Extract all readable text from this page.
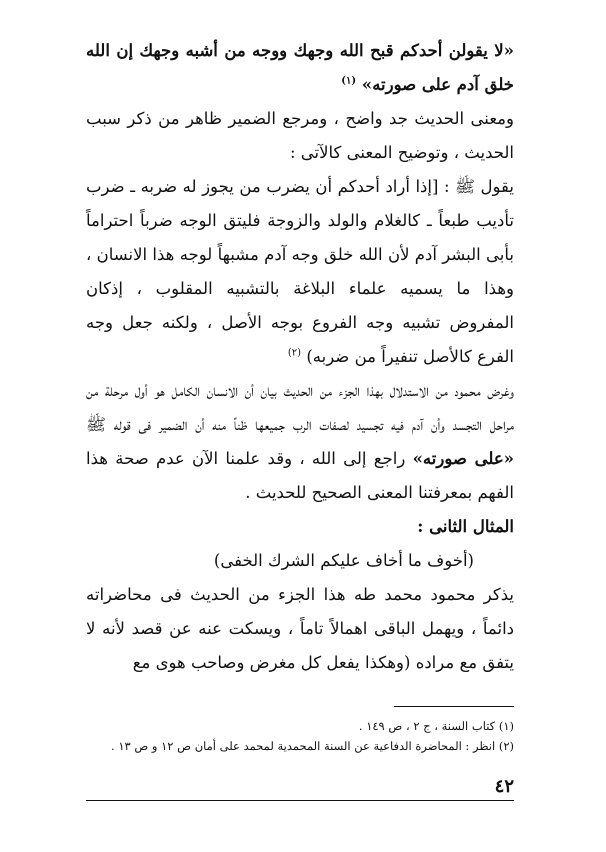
«لا يقولن أحدكم قبح الله وجهك ووجه من أشبه وجهك إن الله خلق آدم على صورته» $^{(١)}$

ومعنى الحديث جد واضح ، ومرجع الضمير ظاهر من ذكر سبب الحديث ، وتوضيح المعنى كالآتى :

يقول ﷺ : [إذا أراد أحدكم أن يضرب من يجوز له ضربه ـ ضرب تأديب طبعاً ـ كالغلام والولد والزوجة فليتق الوجه ضرباً احتراماً بأبى البشر آدم لأن الله خلق وجه آدم مشبهاً لوجه هذا الانسان ، وهذا ما يسميه علماء البلاغة بالتشبيه المقلوب ، إذكان المفروض تشبيه وجه الفروع بوجه الأصل ، ولكنه جعل وجه الفرع كالأصل تنفيراً من ضربه) $^{(٢)}$

وغرض محمود من الاستدلال بهذا الجزء من الحديث بيان أن الانسان الكامل هو أول مرحلة من مراحل التجسد وأن آدم فيه تجسيد لصفات الرب جميعها ظناً منه أن الضمير فى قوله ﷺ «على صورته» راجع إلى الله ، وقد علمنا الآن عدم صحة هذا الفهم بمعرفتنا المعنى الصحيح للحديث .

المثال الثانى :

(أخوف ما أخاف عليكم الشرك الخفى)

يذكر محمود محمد طه هذا الجزء من الحديث فى محاضراته دائماً ، ويهمل الباقى اهمالاً تاماً ، ويسكت عنه عن قصد لأنه لا يتفق مع مراده (وهكذا يفعل كل مغرض وصاحب هوى مع

(١) كتاب السنة ، ج ٢ ، ص ١٤٩ .
(٢) انظر : المحاضرة الدفاعية عن السنة المحمدية لمحمد على أمان ص ١٢ و ص ١٣ .
٤٢
